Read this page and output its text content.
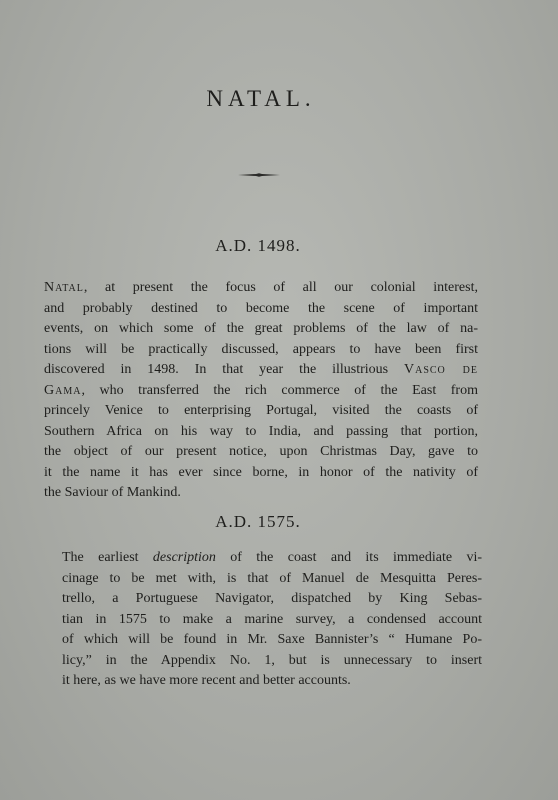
NATAL.
A.D. 1498.

Natal, at present the focus of all our colonial interest,
and probably destined to become the scene of important
events, on which some of the great problems of the law of na-
tions will be practically discussed, appears to have been first
discovered in 1498. In that year the illustrious Vasco de
Gama, who transferred the rich commerce of the East from
princely Venice to enterprising Portugal, visited the coasts of
Southern Africa on his way to India, and passing that portion,
the object of our present notice, upon Christmas Day, gave to
it the name it has ever since borne, in honor of the nativity of
the Saviour of Mankind.

A.D. 1575.

The earliest description of the coast and its immediate vi-
cinage to be met with, is that of Manuel de Mesquitta Peres-
trello, a Portuguese Navigator, dispatched by King Sebas-
tian in 1575 to make a marine survey, a condensed account
of which will be found in Mr. Saxe Bannister’s “ Humane Po-
licy,” in the Appendix No. 1, but is unnecessary to insert
it here, as we have more recent and better accounts.
